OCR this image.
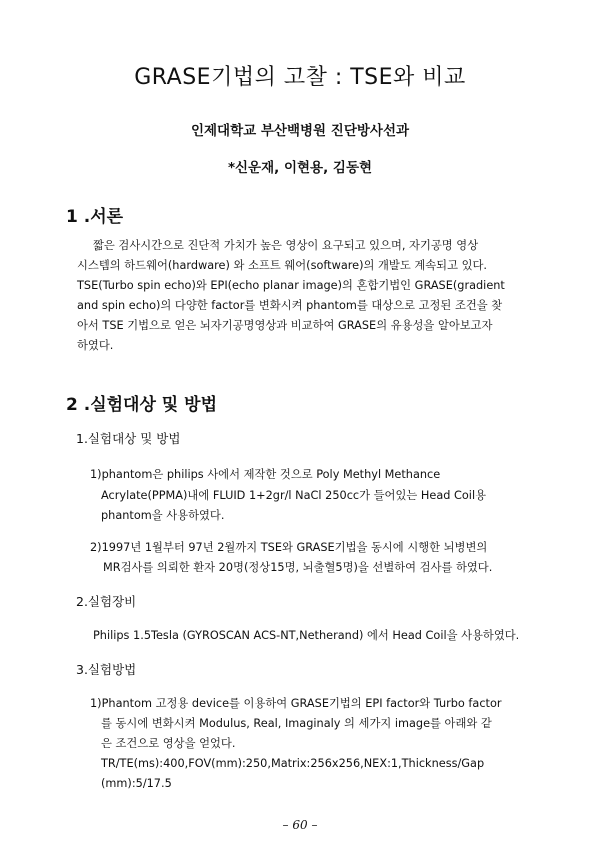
GRASE기법의 고찰 : TSE와 비교
인제대학교 부산백병원 진단방사선과
*신운재, 이현용, 김동현
1 .서론
짧은 검사시간으로 진단적 가치가 높은 영상이 요구되고 있으며, 자기공명 영상
시스템의 하드웨어(hardware) 와 소프트 웨어(software)의 개발도 계속되고 있다.
TSE(Turbo spin echo)와 EPI(echo planar image)의 혼합기법인 GRASE(gradient
and spin echo)의 다양한 factor를 변화시켜 phantom를 대상으로 고정된 조건을 찾
아서 TSE 기법으로 얻은 뇌자기공명영상과 비교하여 GRASE의 유용성을 알아보고자
하였다.
2 .실험대상 및 방법
1.실험대상 및 방법
1)phantom은 philips 사에서 제작한 것으로 Poly Methyl Methance
Acrylate(PPMA)내에 FLUID 1+2gr/l NaCl 250cc가 들어있는 Head Coil용
phantom을 사용하였다.
2)1997년 1월부터 97년 2월까지 TSE와 GRASE기법을 동시에 시행한 뇌병변의
MR검사를 의뢰한 환자 20명(정상15명, 뇌출혈5명)을 선별하여 검사를 하였다.
2.실험장비
Philips 1.5Tesla (GYROSCAN ACS-NT,Netherand) 에서 Head Coil을 사용하였다.
3.실험방법
1)Phantom 고정용 device를 이용하여 GRASE기법의 EPI factor와 Turbo factor
를 동시에 변화시켜 Modulus, Real, Imaginaly 의 세가지 image를 아래와 같
은 조건으로 영상을 얻었다.
TR/TE(ms):400,FOV(mm):250,Matrix:256x256,NEX:1,Thickness/Gap
(mm):5/17.5
– 60 –
